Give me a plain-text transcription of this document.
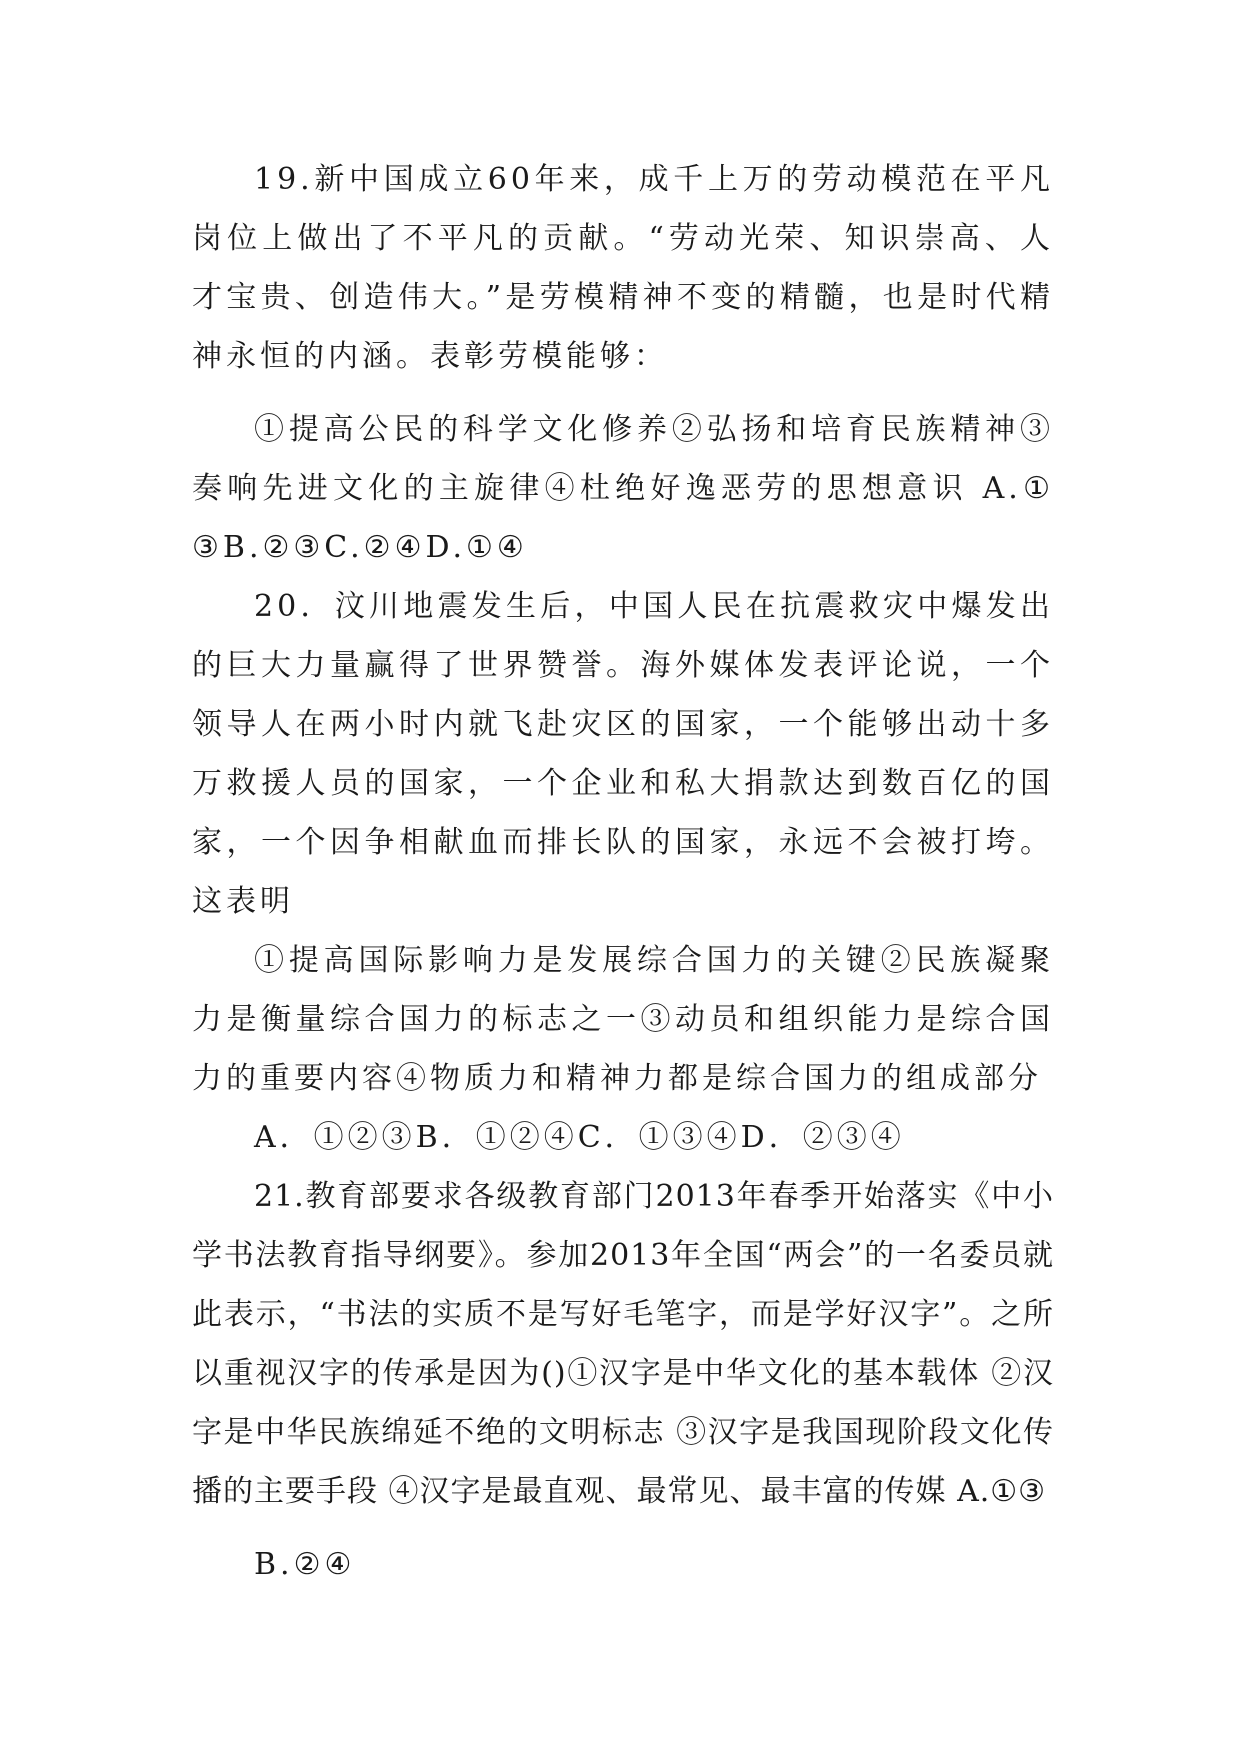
19.新中国成立60年来，成千上万的劳动模范在平凡岗位上做出了不平凡的贡献。“劳动光荣、知识崇高、人才宝贵、创造伟大。”是劳模精神不变的精髓，也是时代精神永恒的内涵。表彰劳模能够：

①提高公民的科学文化修养②弘扬和培育民族精神③奏响先进文化的主旋律④杜绝好逸恶劳的思想意识 A.①③B.②③C.②④D.①④

20．汶川地震发生后，中国人民在抗震救灾中爆发出的巨大力量赢得了世界赞誉。海外媒体发表评论说，一个领导人在两小时内就飞赴灾区的国家，一个能够出动十多万救援人员的国家，一个企业和私大捐款达到数百亿的国家，一个因争相献血而排长队的国家，永远不会被打垮。这表明

①提高国际影响力是发展综合国力的关键②民族凝聚力是衡量综合国力的标志之一③动员和组织能力是综合国力的重要内容④物质力和精神力都是综合国力的组成部分

A．①②③B．①②④C．①③④D．②③④

21.教育部要求各级教育部门2013年春季开始落实《中小学书法教育指导纲要》。参加2013年全国“两会”的一名委员就此表示，“书法的实质不是写好毛笔字，而是学好汉字”。之所以重视汉字的传承是因为()①汉字是中华文化的基本载体 ②汉字是中华民族绵延不绝的文明标志 ③汉字是我国现阶段文化传播的主要手段 ④汉字是最直观、最常见、最丰富的传媒 A.①③

B.②④
